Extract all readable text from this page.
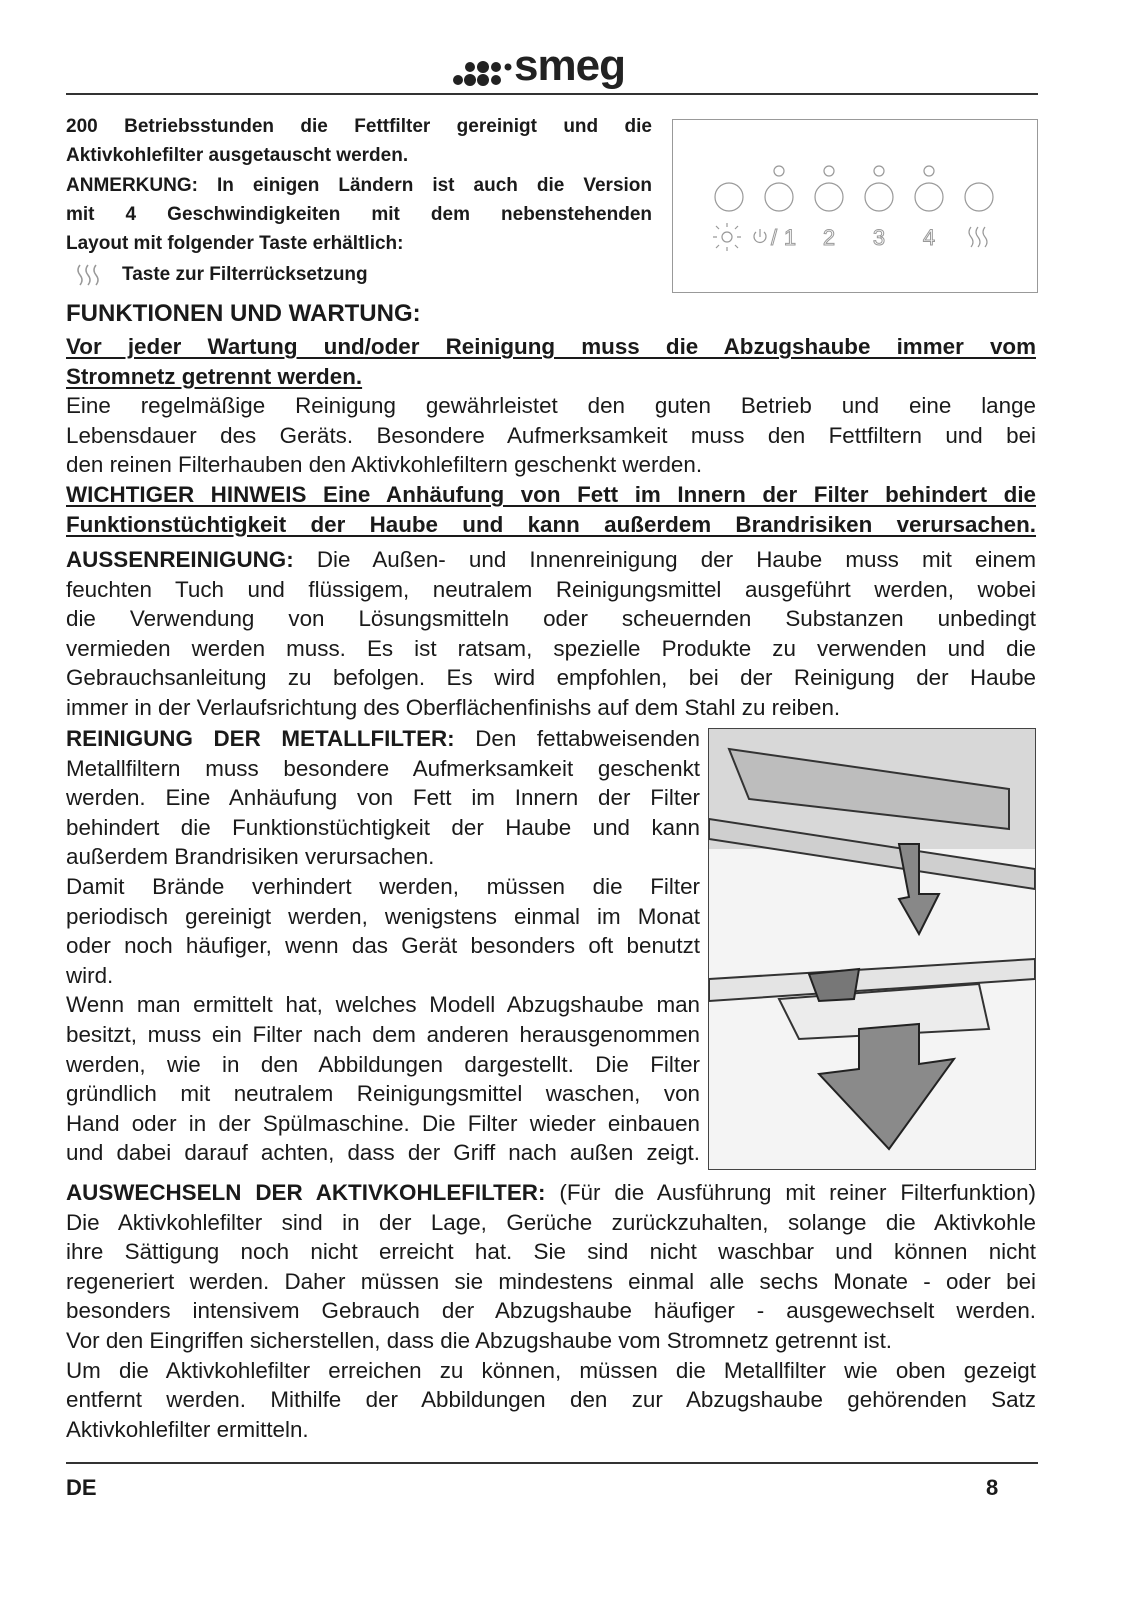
smeg
200 Betriebsstunden die Fettfilter gereinigt und die
Aktivkohlefilter ausgetauscht werden.
ANMERKUNG: In einigen Ländern ist auch die Version
mit 4 Geschwindigkeiten mit dem nebenstehenden
Layout mit folgender Taste erhältlich:
Taste zur Filterrücksetzung
/ 1 2 3 4
FUNKTIONEN UND WARTUNG:
Vor jeder Wartung und/oder Reinigung muss die Abzugshaube immer vom
Stromnetz getrennt werden.
Eine regelmäßige Reinigung gewährleistet den guten Betrieb und eine lange
Lebensdauer des Geräts. Besondere Aufmerksamkeit muss den Fettfiltern und bei
den reinen Filterhauben den Aktivkohlefiltern geschenkt werden.
WICHTIGER HINWEIS Eine Anhäufung von Fett im Innern der Filter behindert die
Funktionstüchtigkeit der Haube und kann außerdem Brandrisiken verursachen.
AUSSENREINIGUNG: Die Außen- und Innenreinigung der Haube muss mit einem
feuchten Tuch und flüssigem, neutralem Reinigungsmittel ausgeführt werden, wobei
die Verwendung von Lösungsmitteln oder scheuernden Substanzen unbedingt
vermieden werden muss. Es ist ratsam, spezielle Produkte zu verwenden und die
Gebrauchsanleitung zu befolgen. Es wird empfohlen, bei der Reinigung der Haube
immer in der Verlaufsrichtung des Oberflächenfinishs auf dem Stahl zu reiben.
REINIGUNG DER METALLFILTER: Den fettabweisenden
Metallfiltern muss besondere Aufmerksamkeit geschenkt
werden. Eine Anhäufung von Fett im Innern der Filter
behindert die Funktionstüchtigkeit der Haube und kann
außerdem Brandrisiken verursachen.
Damit Brände verhindert werden, müssen die Filter
periodisch gereinigt werden, wenigstens einmal im Monat
oder noch häufiger, wenn das Gerät besonders oft benutzt
wird.
Wenn man ermittelt hat, welches Modell Abzugshaube man
besitzt, muss ein Filter nach dem anderen herausgenommen
werden, wie in den Abbildungen dargestellt. Die Filter
gründlich mit neutralem Reinigungsmittel waschen, von
Hand oder in der Spülmaschine. Die Filter wieder einbauen
und dabei darauf achten, dass der Griff nach außen zeigt.
AUSWECHSELN DER AKTIVKOHLEFILTER: (Für die Ausführung mit reiner Filterfunktion)
Die Aktivkohlefilter sind in der Lage, Gerüche zurückzuhalten, solange die Aktivkohle
ihre Sättigung noch nicht erreicht hat. Sie sind nicht waschbar und können nicht
regeneriert werden. Daher müssen sie mindestens einmal alle sechs Monate - oder bei
besonders intensivem Gebrauch der Abzugshaube häufiger - ausgewechselt werden.
Vor den Eingriffen sicherstellen, dass die Abzugshaube vom Stromnetz getrennt ist.
Um die Aktivkohlefilter erreichen zu können, müssen die Metallfilter wie oben gezeigt
entfernt werden. Mithilfe der Abbildungen den zur Abzugshaube gehörenden Satz
Aktivkohlefilter ermitteln.
DE	8
